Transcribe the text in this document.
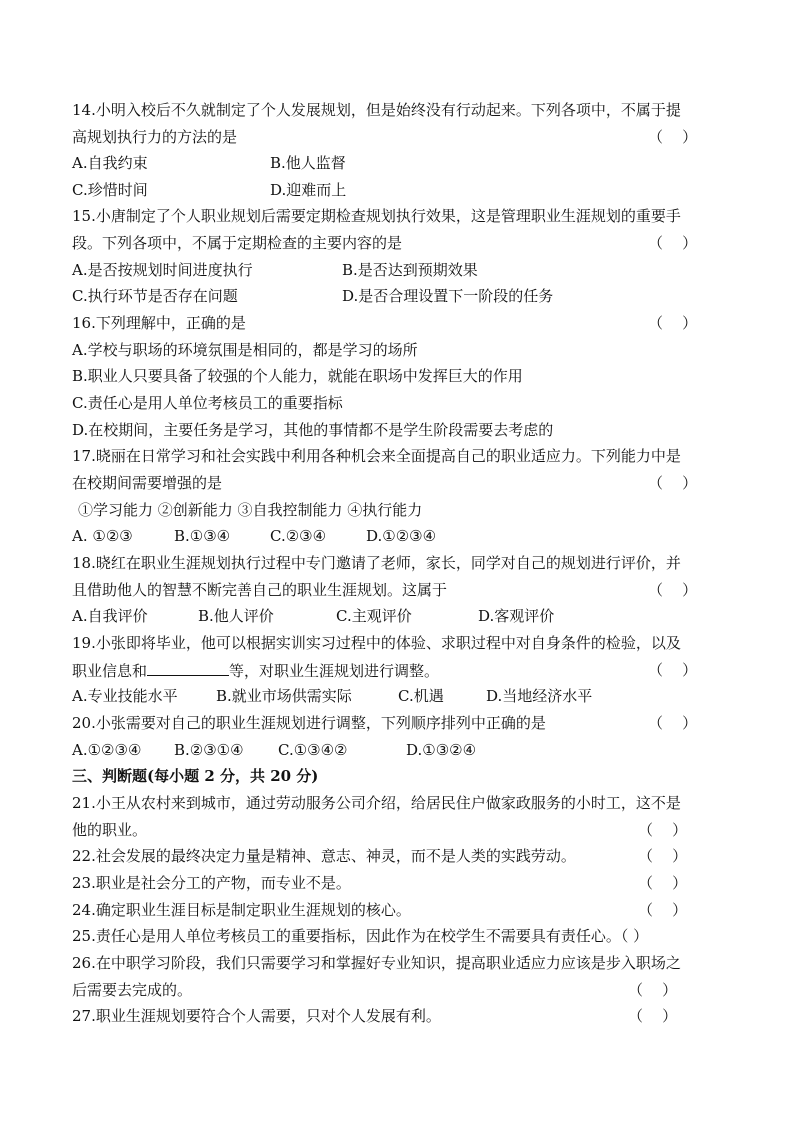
14.小明入校后不久就制定了个人发展规划，但是始终没有行动起来。下列各项中，不属于提
高规划执行力的方法的是	（    ）
A.自我约束	B.他人监督
C.珍惜时间	D.迎难而上
15.小唐制定了个人职业规划后需要定期检查规划执行效果，这是管理职业生涯规划的重要手
段。下列各项中，不属于定期检查的主要内容的是	（    ）
A.是否按规划时间进度执行	B.是否达到预期效果
C.执行环节是否存在问题	D.是否合理设置下一阶段的任务
16.下列理解中，正确的是	（    ）
A.学校与职场的环境氛围是相同的，都是学习的场所
B.职业人只要具备了较强的个人能力，就能在职场中发挥巨大的作用
C.责任心是用人单位考核员工的重要指标
D.在校期间，主要任务是学习，其他的事情都不是学生阶段需要去考虑的
17.晓丽在日常学习和社会实践中利用各种机会来全面提高自己的职业适应力。下列能力中是
在校期间需要增强的是	（    ）
①学习能力 ②创新能力 ③自我控制能力 ④执行能力
A. ①②③	B.①③④	C.②③④	D.①②③④
18.晓红在职业生涯规划执行过程中专门邀请了老师，家长，同学对自己的规划进行评价，并
且借助他人的智慧不断完善自己的职业生涯规划。这属于	（    ）
A.自我评价	B.他人评价	C.主观评价	D.客观评价
19.小张即将毕业，他可以根据实训实习过程中的体验、求职过程中对自身条件的检验，以及
职业信息和	等，对职业生涯规划进行调整。	（    ）
A.专业技能水平	B.就业市场供需实际	C.机遇	D.当地经济水平
20.小张需要对自己的职业生涯规划进行调整，下列顺序排列中正确的是	（    ）
A.①②③④ B.②③①④ C.①③④②	D.①③②④
三、判断题(每小题 2 分，共 20 分)
21.小王从农村来到城市，通过劳动服务公司介绍，给居民住户做家政服务的小时工，这不是
他的职业。	（    ）
22.社会发展的最终决定力量是精神、意志、神灵，而不是人类的实践劳动。	（    ）
23.职业是社会分工的产物，而专业不是。	（    ）
24.确定职业生涯目标是制定职业生涯规划的核心。	（    ）
25.责任心是用人单位考核员工的重要指标，因此作为在校学生不需要具有责任心。（ ）
26.在中职学习阶段，我们只需要学习和掌握好专业知识，提高职业适应力应该是步入职场之
后需要去完成的。	（    ）
27.职业生涯规划要符合个人需要，只对个人发展有利。	（    ）
